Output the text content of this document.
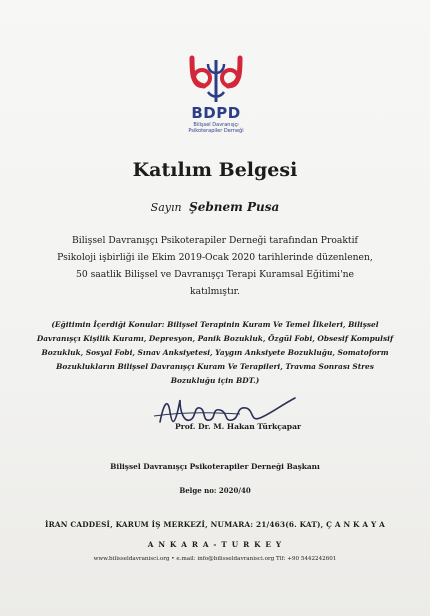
BDPD
Bilişsel Davranışçı
Psikoterapiler Derneği
Katılım Belgesi
Sayın Şebnem Pusa
Bilişsel Davranışçı Psikoterapiler Derneği tarafından Proaktif
Psikoloji işbirliği ile Ekim 2019-Ocak 2020 tarihlerinde düzenlenen,
50 saatlik Bilişsel ve Davranışçı Terapi Kuramsal Eğitimi'ne
katılmıştır.
(Eğitimin İçerdiği Konular: Bilişsel Terapinin Kuram Ve Temel İlkeleri, Bilişsel
Davranışçı Kişilik Kuramı, Depresyon, Panik Bozukluk, Özgül Fobi, Obsesif Kompulsif
Bozukluk, Sosyal Fobi, Sınav Anksiyetesi, Yaygın Anksiyete Bozukluğu, Somatoform
Bozuklukların Bilişsel Davranışçı Kuram Ve Terapileri, Travma Sonrası Stres
Bozukluğu için BDT.)
Prof. Dr. M. Hakan Türkçapar
Bilişsel Davranışçı Psikoterapiler Derneği Başkanı
Belge no: 2020/40
İRAN CADDESİ, KARUM İŞ MERKEZİ, NUMARA: 21/463(6. KAT), Ç A N K A Y A
A N K A R A - T U R K E Y
www.bilisseldavranisci.org • e.mail: info@bilisseldavranisci.org Tlf: +90 5442242601
